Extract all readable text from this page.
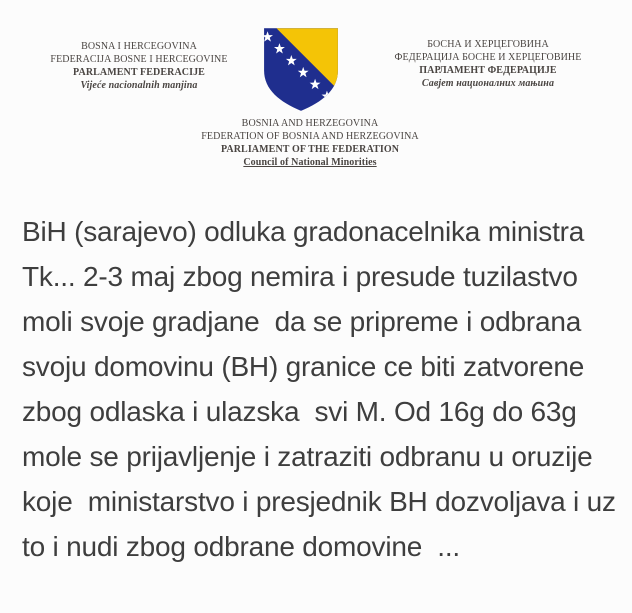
BOSNA I HERCEGOVINA
FEDERACIJA BOSNE I HERCEGOVINE
PARLAMENT FEDERACIJE
Vijeće nacionalnih manjina
БОСНА И ХЕРЦЕГОВИНА
ФЕДЕРАЦИЈА БОСНЕ И ХЕРЦЕГОВИНЕ
ПАРЛАМЕНТ ФЕДЕРАЦИЈЕ
Савјет националних мањина
BOSNIA AND HERZEGOVINA
FEDERATION OF BOSNIA AND HERZEGOVINA
PARLIAMENT OF THE FEDERATION
Council of National Minorities
BiH (sarajevo) odluka gradonacelnika ministra
Tk... 2-3 maj zbog nemira i presude tuzilastvo
moli svoje gradjane  da se pripreme i odbrana
svoju domovinu (BH) granice ce biti zatvorene
zbog odlaska i ulazska  svi M. Od 16g do 63g
mole se prijavljenje i zatraziti odbranu u oruzije
koje  ministarstvo i presjednik BH dozvoljava i uz
to i nudi zbog odbrane domovine  ...
